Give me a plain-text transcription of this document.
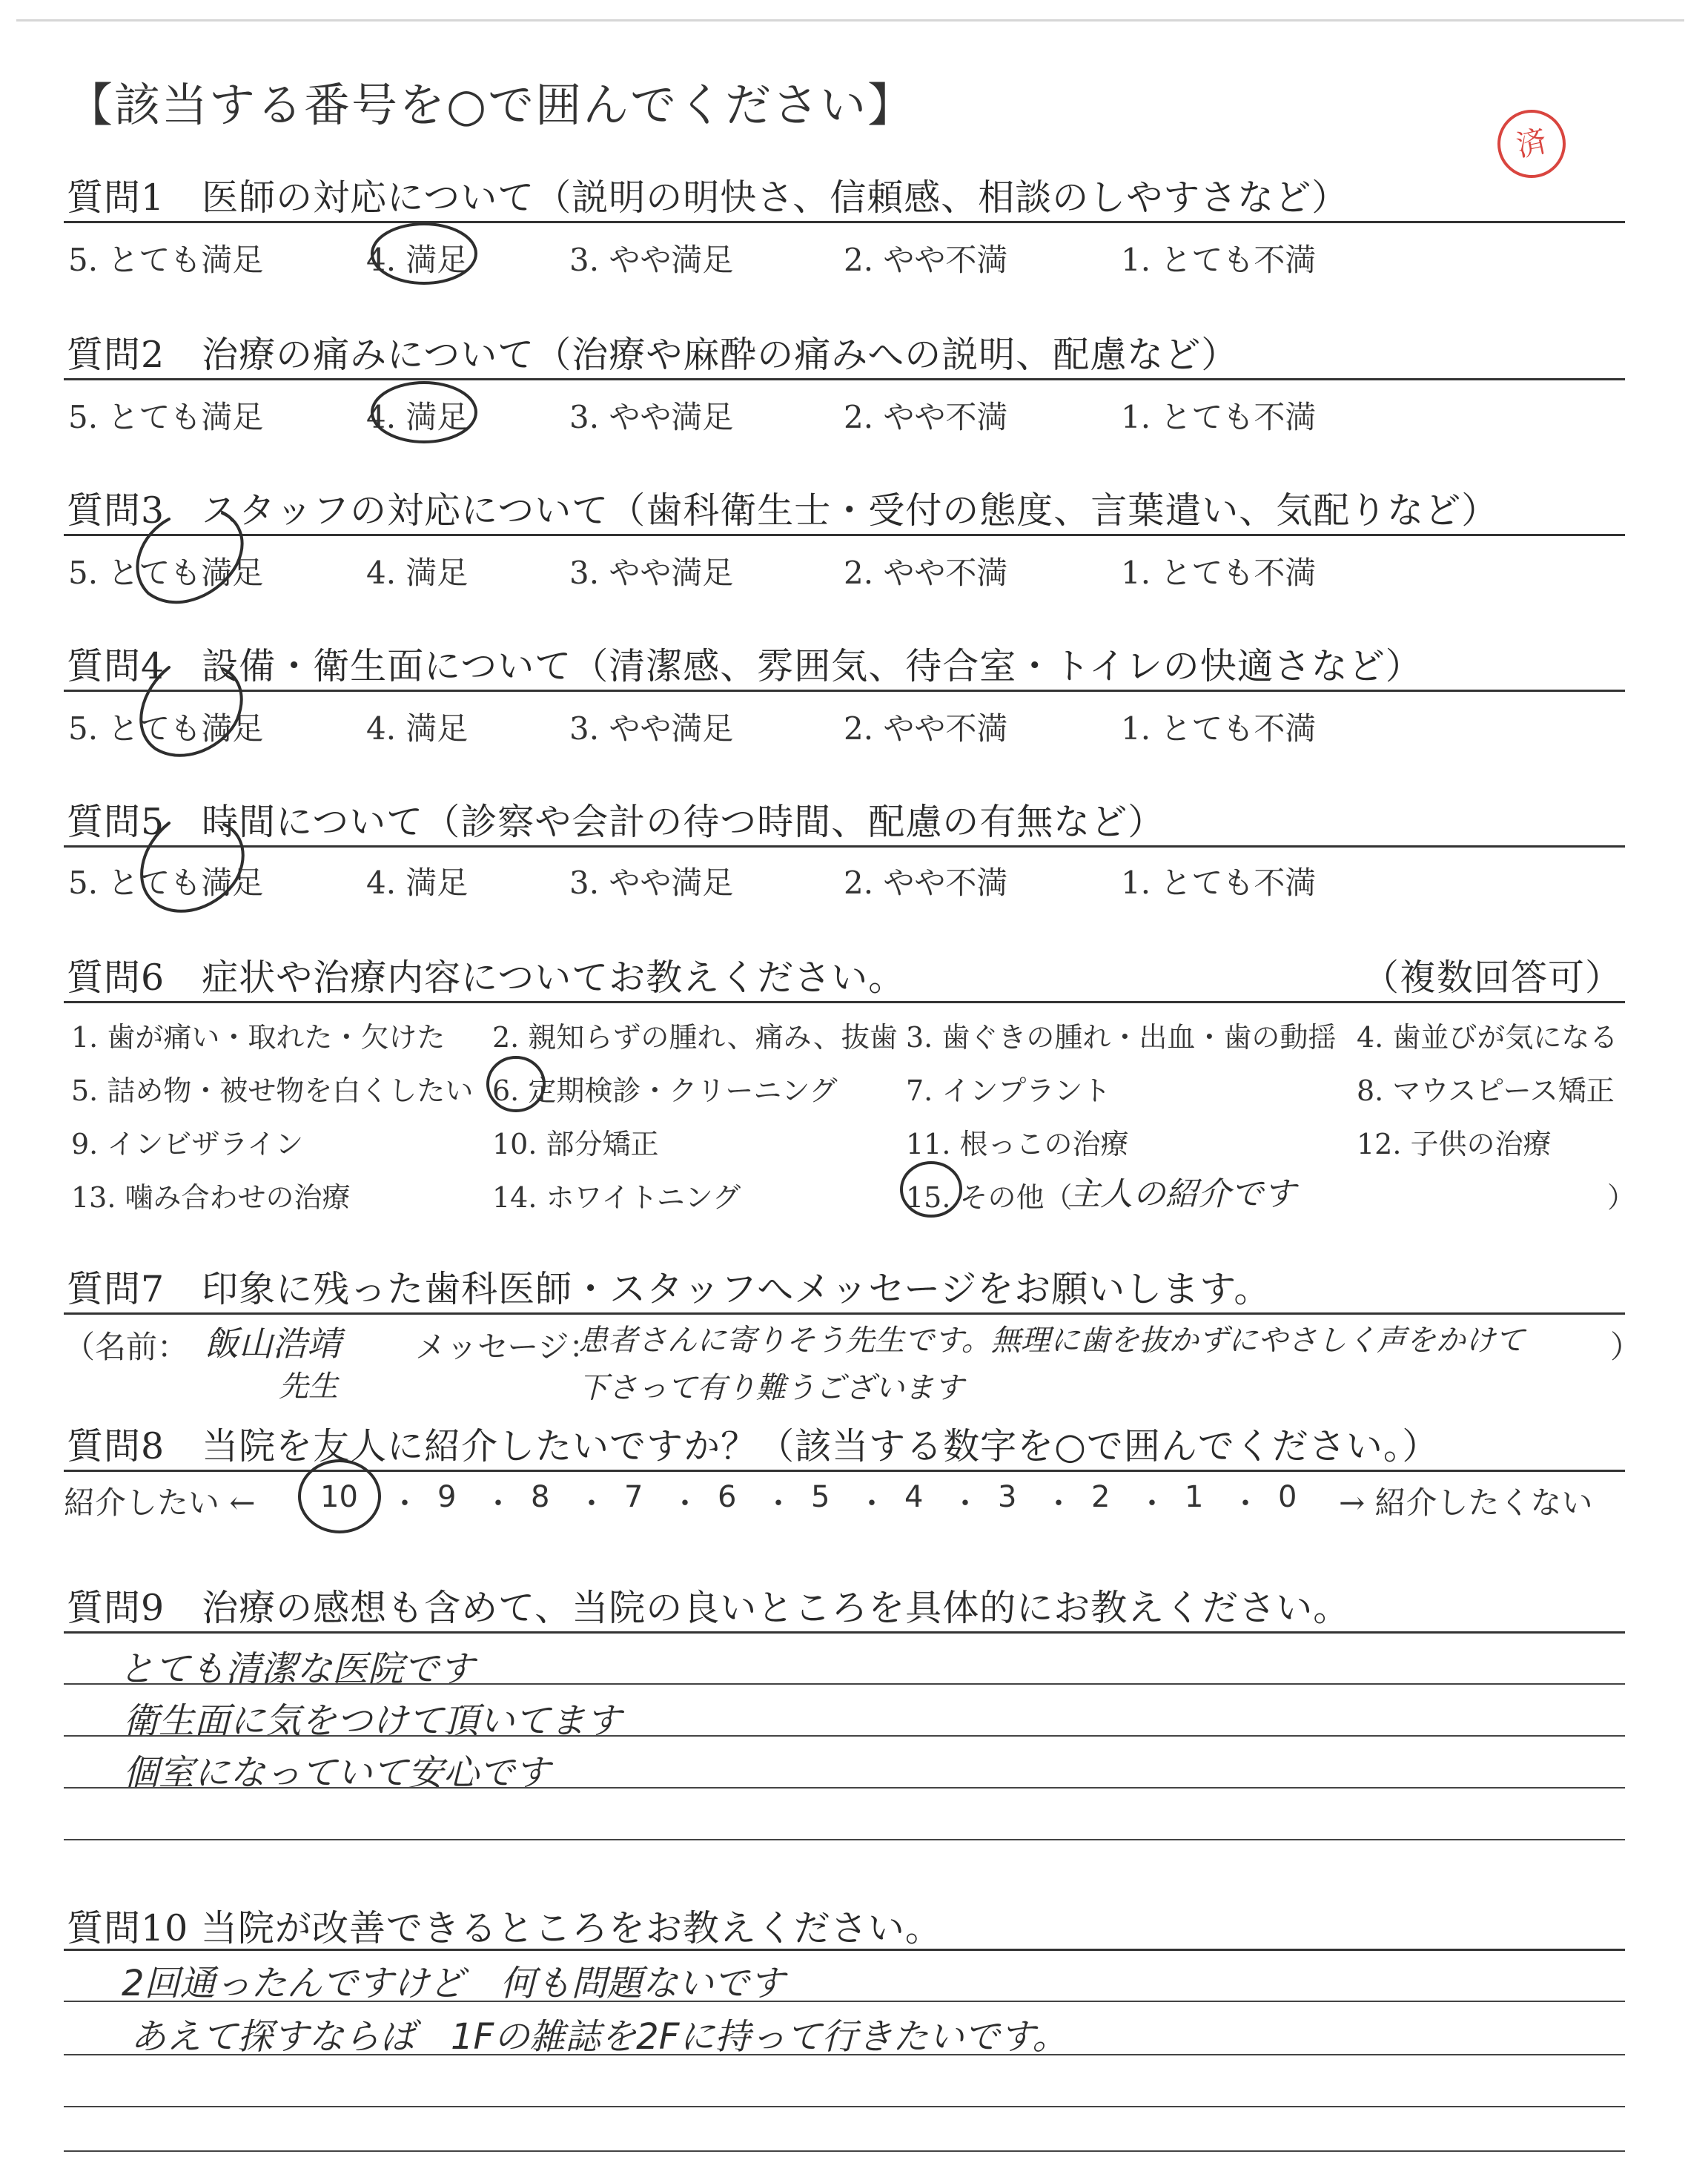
【該当する番号を○で囲んでください】
済
質問1　医師の対応について（説明の明快さ、信頼感、相談のしやすさなど）
5. とても満足	4. 満足	3. やや満足	2. やや不満	1. とても不満
質問2　治療の痛みについて（治療や麻酔の痛みへの説明、配慮など）
5. とても満足	4. 満足	3. やや満足	2. やや不満	1. とても不満
質問3　スタッフの対応について（歯科衛生士・受付の態度、言葉遣い、気配りなど）
5. とても満足	4. 満足	3. やや満足	2. やや不満	1. とても不満
質問4　設備・衛生面について（清潔感、雰囲気、待合室・トイレの快適さなど）
5. とても満足	4. 満足	3. やや満足	2. やや不満	1. とても不満
質問5　時間について（診察や会計の待つ時間、配慮の有無など）
5. とても満足	4. 満足	3. やや満足	2. やや不満	1. とても不満
質問6　症状や治療内容についてお教えください。	（複数回答可）
1. 歯が痛い・取れた・欠けた 2. 親知らずの腫れ、痛み、抜歯 3. 歯ぐきの腫れ・出血・歯の動揺 4. 歯並びが気になる
5. 詰め物・被せ物を白くしたい 6. 定期検診・クリーニング 7. インプラント	8. マウスピース矯正
9. インビザライン	10. 部分矯正	11. 根っこの治療	12. 子供の治療
13. 噛み合わせの治療	14. ホワイトニング	15. その他（
主人の紹介です	）
質問7　印象に残った歯科医師・スタッフへメッセージをお願いします。
（名前： 飯山浩靖
先生
メッセージ：
患者さんに寄りそう先生です。無理に歯を抜かずにやさしく声をかけて
下さって有り難うございます
）
質問8　当院を友人に紹介したいですか？（該当する数字を○で囲んでください。）
紹介したい ← 10 ・ 9 ・ 8 ・ 7 ・ 6 ・ 5 ・ 4 ・ 3 ・ 2 ・ 1 ・ 0 → 紹介したくない
質問9　治療の感想も含めて、当院の良いところを具体的にお教えください。
とても清潔な医院です
衛生面に気をつけて頂いてます
個室になっていて安心です
質問10 当院が改善できるところをお教えください。
2回通ったんですけど　何も問題ないです
あえて探すならば　1Fの雑誌を2Fに持って行きたいです。
